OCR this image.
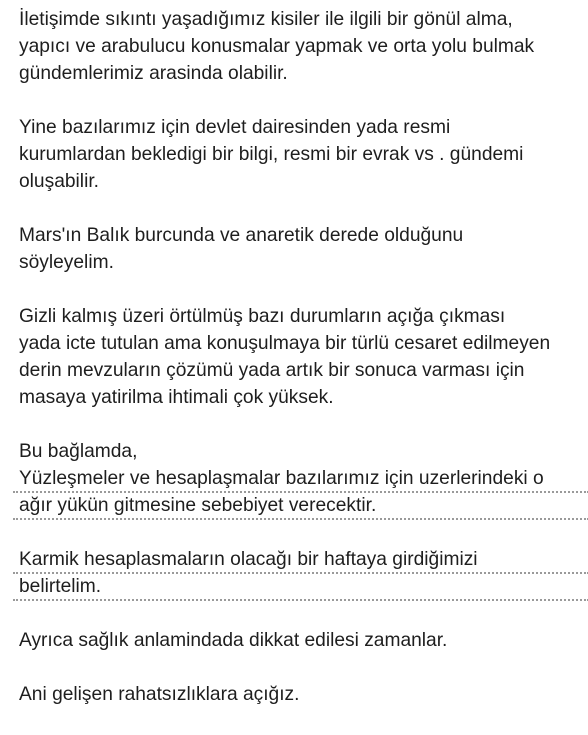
İletişimde sıkıntı yaşadığımız kisiler ile ilgili bir gönül alma,
yapıcı ve arabulucu konusmalar yapmak ve orta yolu bulmak
gündemlerimiz arasinda olabilir.

Yine bazılarımız için devlet dairesinden yada resmi
kurumlardan bekledigi bir bilgi, resmi bir evrak vs . gündemi
oluşabilir.

Mars'ın Balık burcunda ve anaretik derede olduğunu
söyleyelim.

Gizli kalmış üzeri örtülmüş bazı durumların açığa çıkması
yada icte tutulan ama konuşulmaya bir türlü cesaret edilmeyen
derin mevzuların çözümü yada artık bir sonuca varması için
masaya yatirilma ihtimali çok yüksek.

Bu bağlamda,
Yüzleşmeler ve hesaplaşmalar bazılarımız için uzerlerindeki o
ağır yükün gitmesine sebebiyet verecektir.

Karmik hesaplasmaların olacağı bir haftaya girdiğimizi
belirtelim.

Ayrıca sağlık anlamindada dikkat edilesi zamanlar.

Ani gelişen rahatsızlıklara açığız.
